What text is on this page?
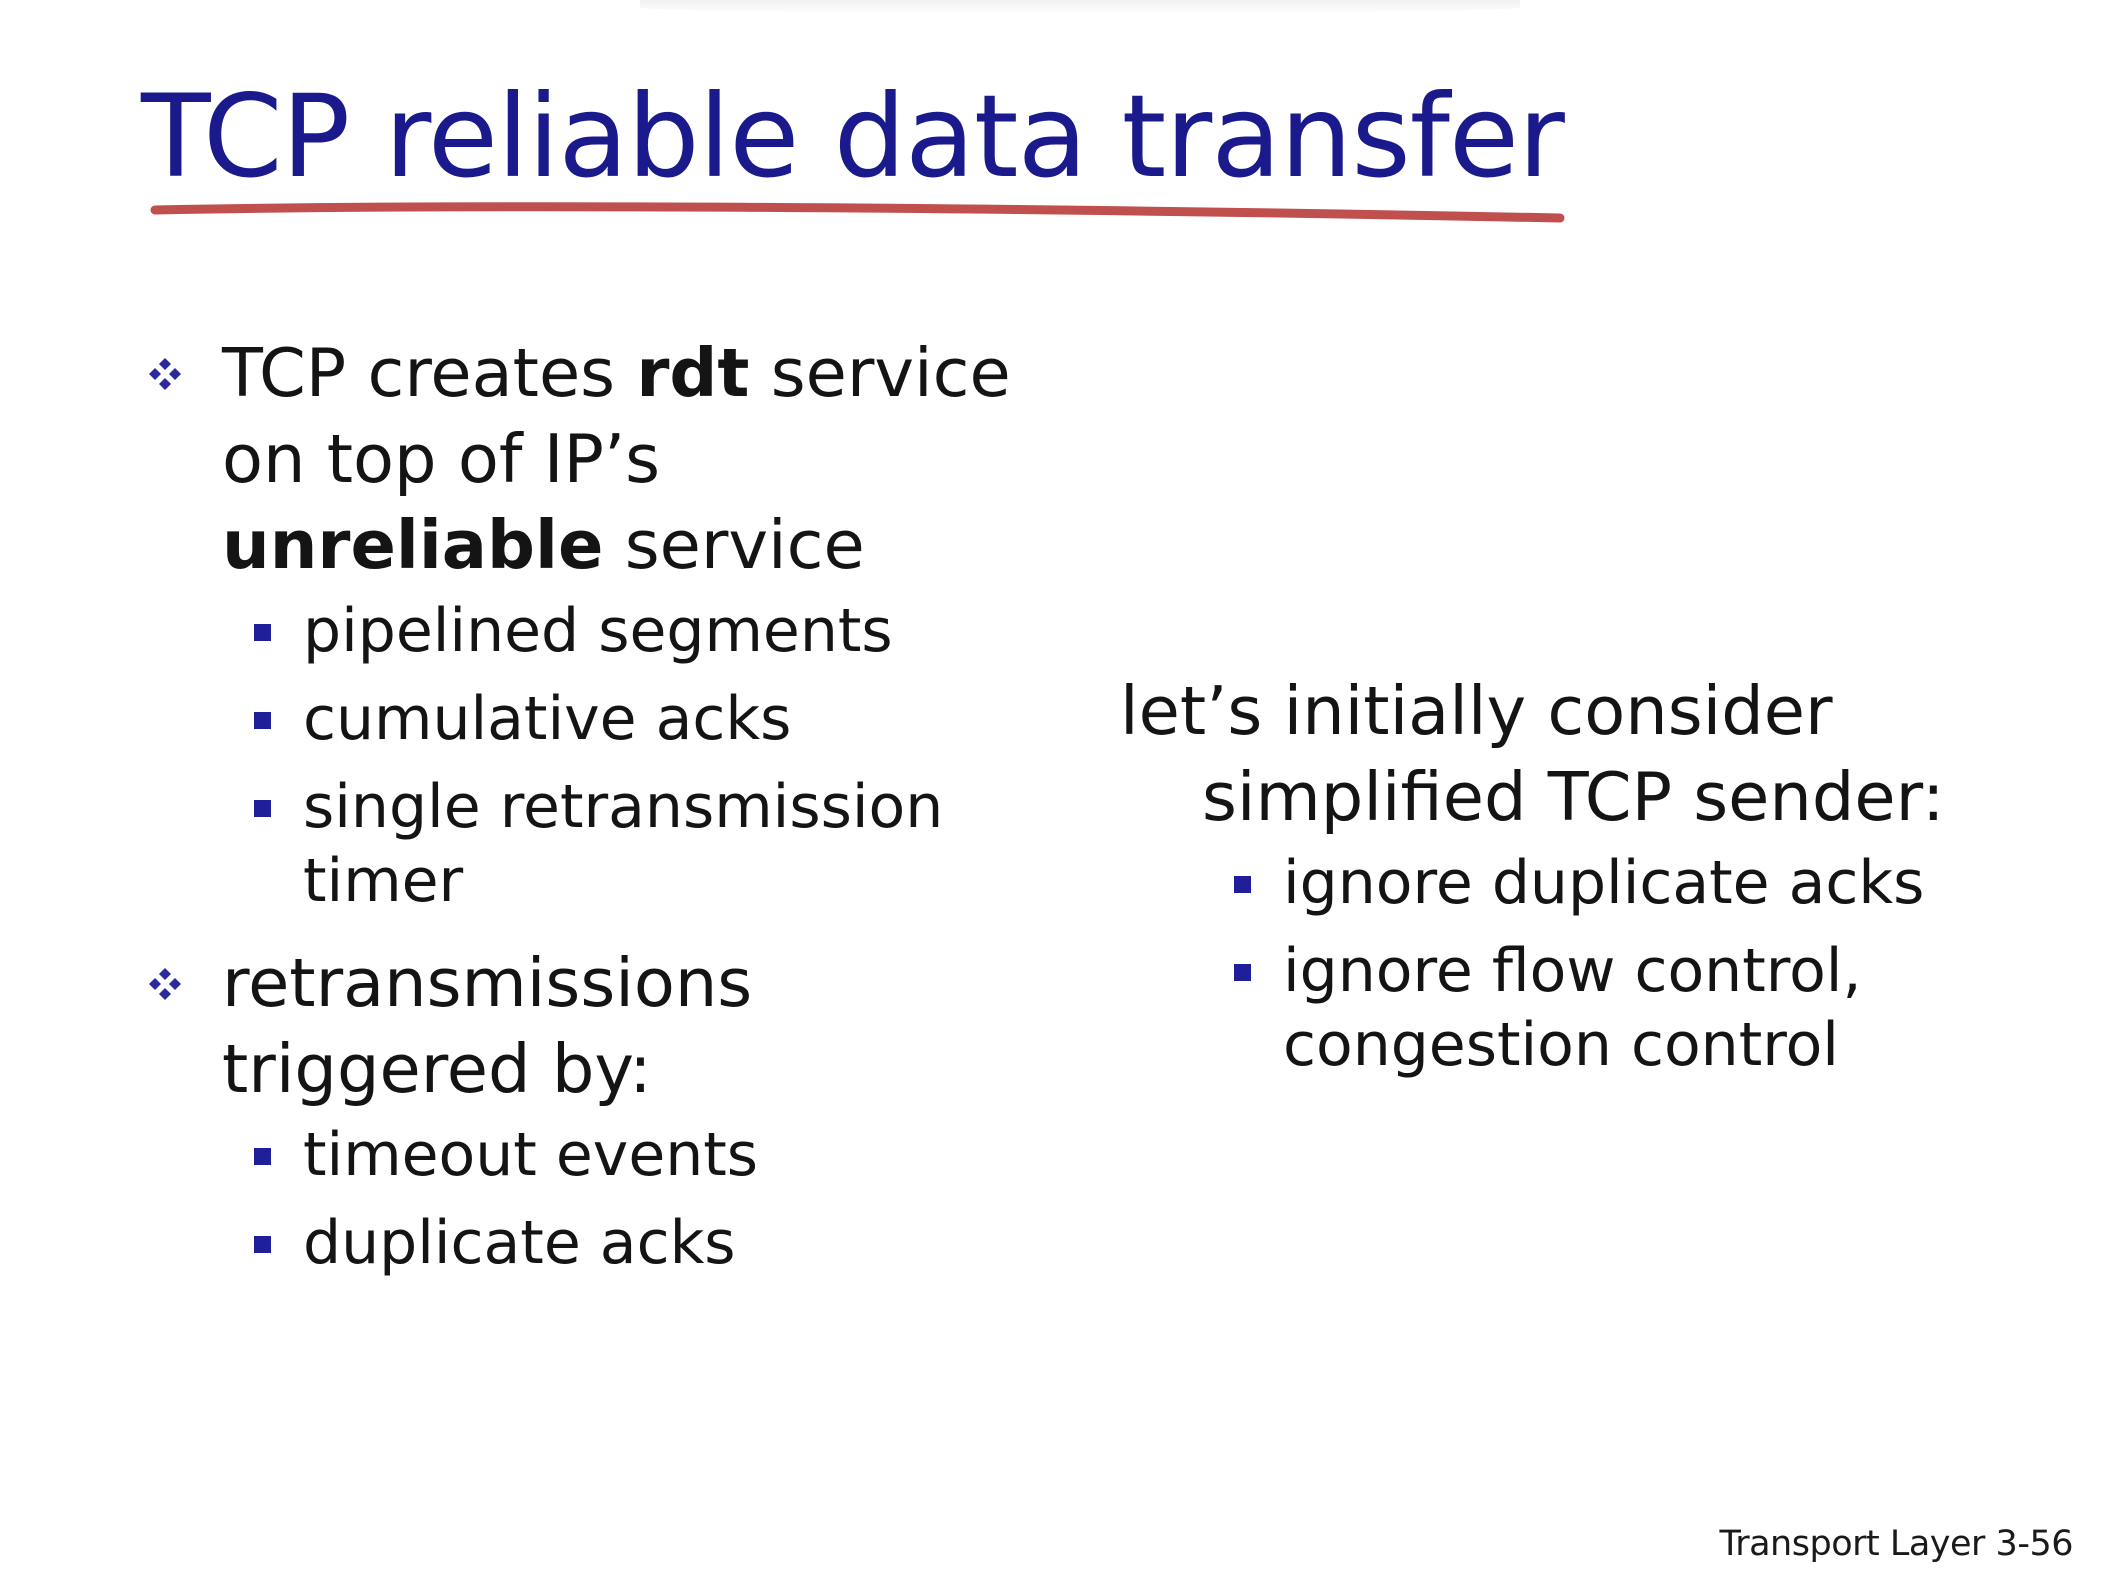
TCP reliable data transfer
TCP creates rdt service
on top of IP’s
unreliable service
pipelined segments
cumulative acks
single retransmission
timer
retransmissions
triggered by:
timeout events
duplicate acks
let’s initially consider
simplified TCP sender:
ignore duplicate acks
ignore flow control,
congestion control
Transport Layer 3-56
